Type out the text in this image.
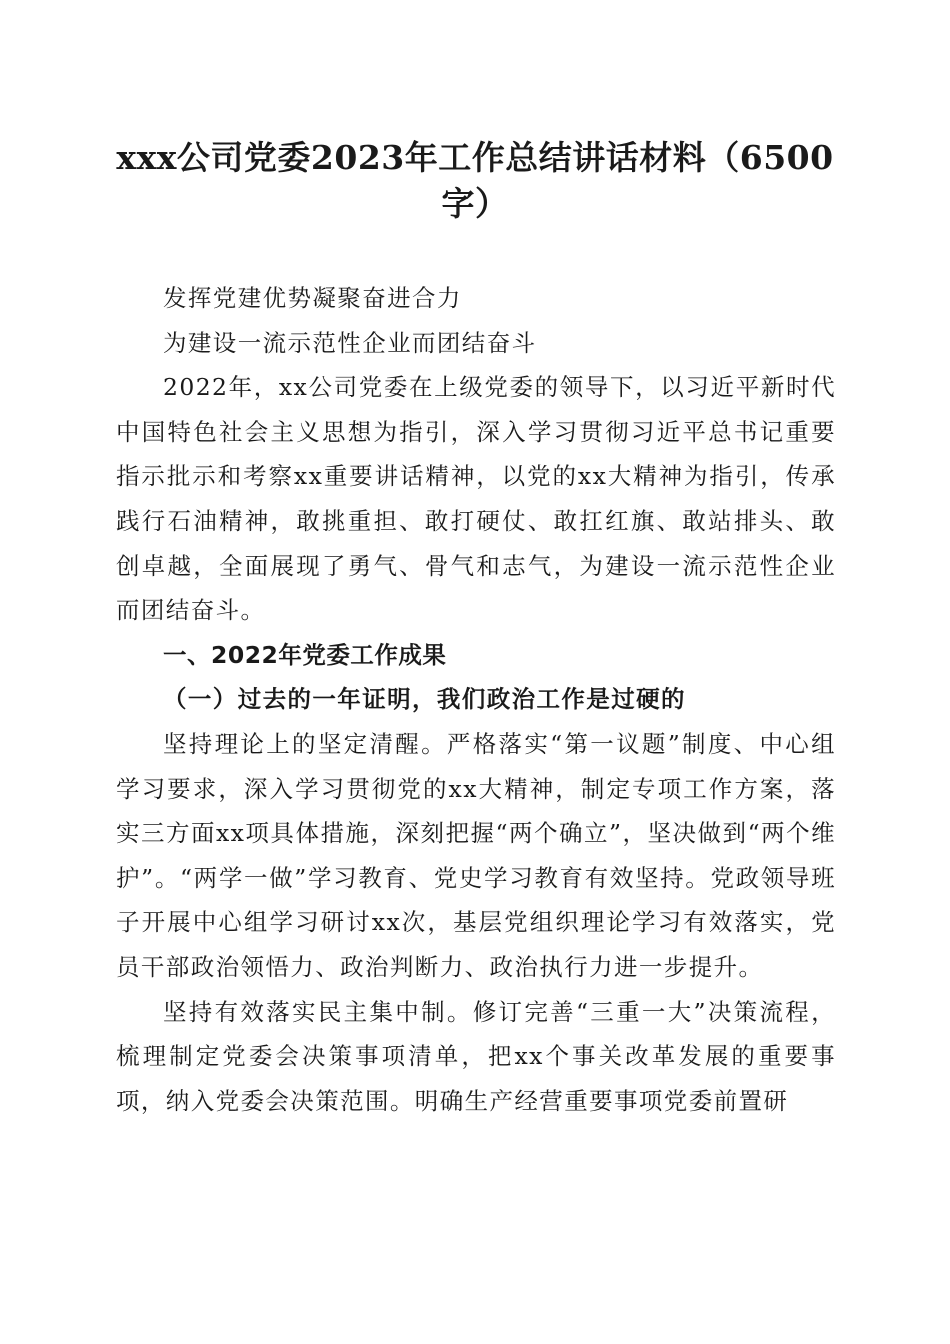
xxx公司党委2023年工作总结讲话材料（6500字）

发挥党建优势凝聚奋进合力

为建设一流示范性企业而团结奋斗

2022年，xx公司党委在上级党委的领导下，以习近平新时代中国特色社会主义思想为指引，深入学习贯彻习近平总书记重要指示批示和考察xx重要讲话精神，以党的xx大精神为指引，传承践行石油精神，敢挑重担、敢打硬仗、敢扛红旗、敢站排头、敢创卓越，全面展现了勇气、骨气和志气，为建设一流示范性企业而团结奋斗。

一、2022年党委工作成果

（一）过去的一年证明，我们政治工作是过硬的

坚持理论上的坚定清醒。严格落实“第一议题”制度、中心组学习要求，深入学习贯彻党的xx大精神，制定专项工作方案，落实三方面xx项具体措施，深刻把握“两个确立”，坚决做到“两个维护”。“两学一做”学习教育、党史学习教育有效坚持。党政领导班子开展中心组学习研讨xx次，基层党组织理论学习有效落实，党员干部政治领悟力、政治判断力、政治执行力进一步提升。

坚持有效落实民主集中制。修订完善“三重一大”决策流程，梳理制定党委会决策事项清单，把xx个事关改革发展的重要事项，纳入党委会决策范围。明确生产经营重要事项党委前置研
